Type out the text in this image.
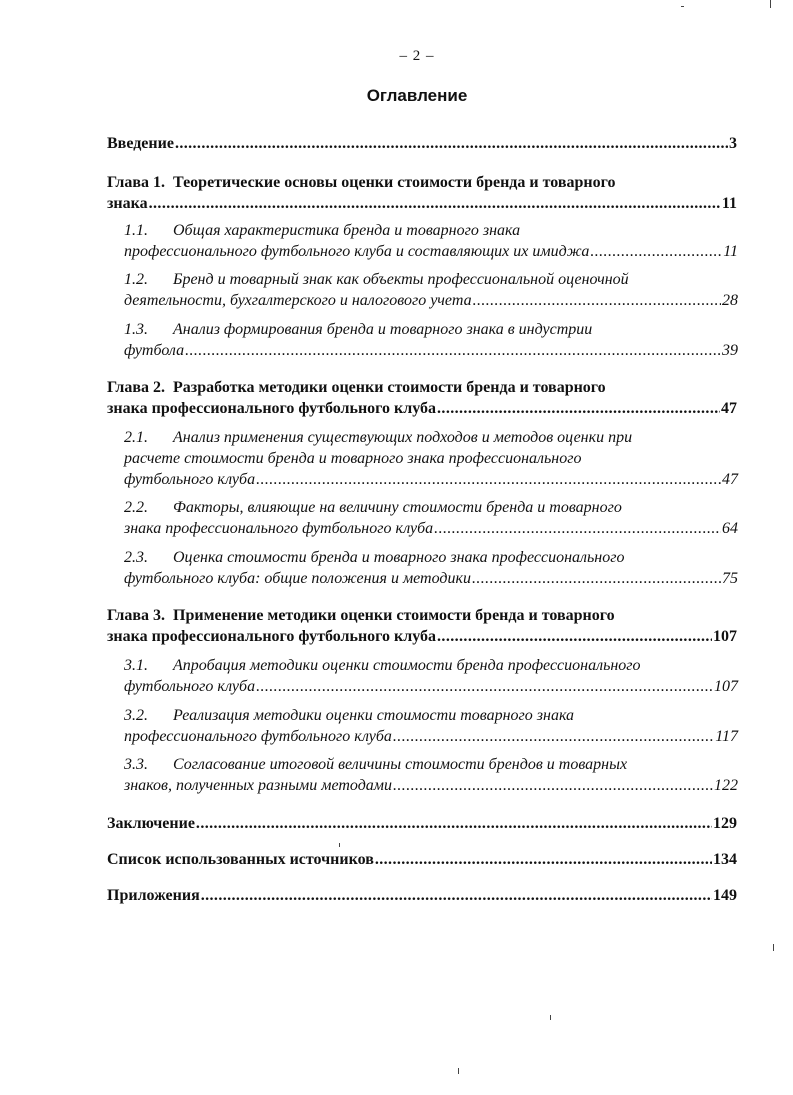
– 2 –
Оглавление
Введение .....	3
Глава 1. Теоретические основы оценки стоимости бренда и товарного
знака .....	11
1.1. Общая характеристика бренда и товарного знака
профессионального футбольного клуба и составляющих их имиджа .....	11
1.2. Бренд и товарный знак как объекты профессиональной оценочной
деятельности, бухгалтерского и налогового учета .....	28
1.3. Анализ формирования бренда и товарного знака в индустрии
футбола .....	39
Глава 2. Разработка методики оценки стоимости бренда и товарного
знака профессионального футбольного клуба .....	47
2.1. Анализ применения существующих подходов и методов оценки при
расчете стоимости бренда и товарного знака профессионального
футбольного клуба .....	47
2.2. Факторы, влияющие на величину стоимости бренда и товарного
знака профессионального футбольного клуба .....	64
2.3. Оценка стоимости бренда и товарного знака профессионального
футбольного клуба: общие положения и методики .....	75
Глава 3. Применение методики оценки стоимости бренда и товарного
знака профессионального футбольного клуба .....	107
3.1. Апробация методики оценки стоимости бренда профессионального
футбольного клуба .....	107
3.2. Реализация методики оценки стоимости товарного знака
профессионального футбольного клуба .....	117
3.3. Согласование итоговой величины стоимости брендов и товарных
знаков, полученных разными методами .....	122
Заключение .....	129
Список использованных источников .....	134
Приложения .....	149
